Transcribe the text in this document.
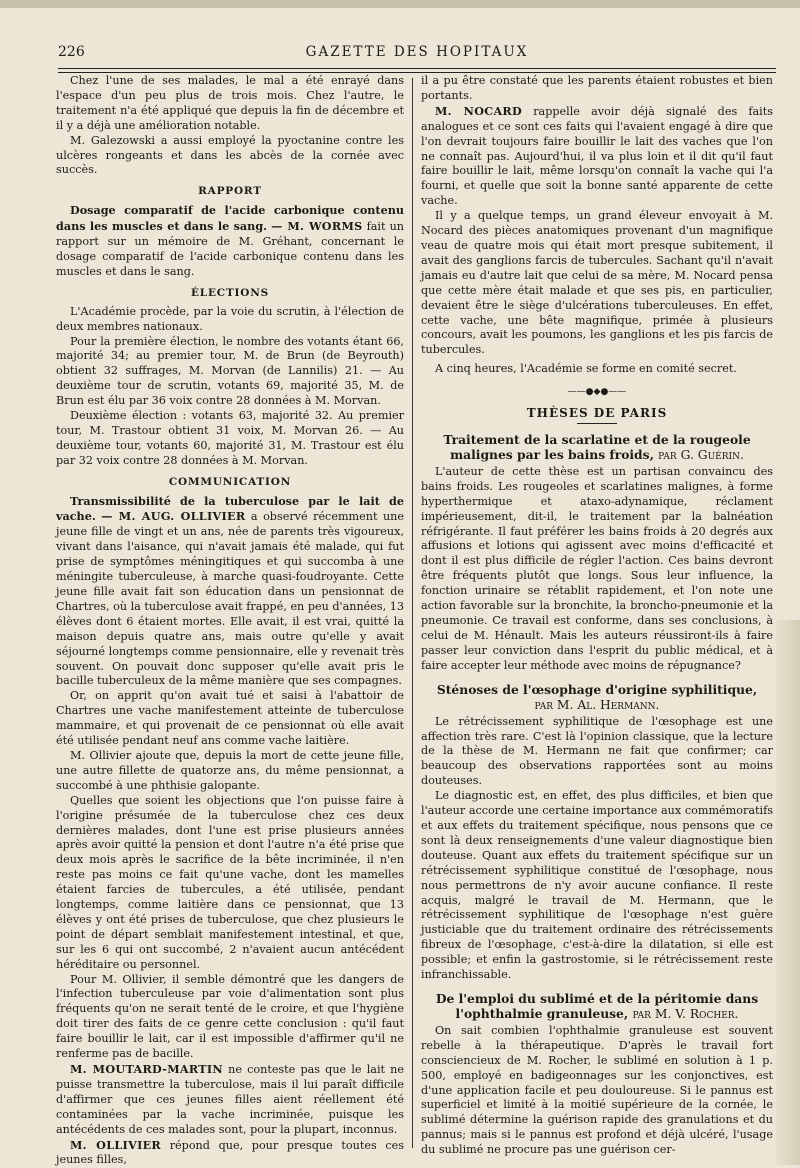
226	GAZETTE DES HOPITAUX

Chez l'une de ses malades, le mal a été enrayé dans l'espace d'un peu plus de trois mois. Chez l'autre, le traitement n'a été appliqué que depuis la fin de décembre et il y a déjà une amélioration notable.

M. Galezowski a aussi employé la pyoctanine contre les ulcères rongeants et dans les abcès de la cornée avec succès.

RAPPORT

Dosage comparatif de l'acide carbonique contenu dans les muscles et dans le sang. — M. WORMS fait un rapport sur un mémoire de M. Gréhant, concernant le dosage comparatif de l'acide carbonique contenu dans les muscles et dans le sang.

ÉLECTIONS

L'Académie procède, par la voie du scrutin, à l'élection de deux membres nationaux.

Pour la première élection, le nombre des votants étant 66, majorité 34; au premier tour, M. de Brun (de Beyrouth) obtient 32 suffrages, M. Morvan (de Lannilis) 21. — Au deuxième tour de scrutin, votants 69, majorité 35, M. de Brun est élu par 36 voix contre 28 données à M. Morvan.

Deuxième élection : votants 63, majorité 32. Au premier tour, M. Trastour obtient 31 voix, M. Morvan 26. — Au deuxième tour, votants 60, majorité 31, M. Trastour est élu par 32 voix contre 28 données à M. Morvan.

COMMUNICATION

Transmissibilité de la tuberculose par le lait de vache. — M. AUG. OLLIVIER a observé récemment une jeune fille de vingt et un ans, née de parents très vigoureux, vivant dans l'aisance, qui n'avait jamais été malade, qui fut prise de symptômes méningitiques et qui succomba à une méningite tuberculeuse, à marche quasi-foudroyante. Cette jeune fille avait fait son éducation dans un pensionnat de Chartres, où la tuberculose avait frappé, en peu d'années, 13 élèves dont 6 étaient mortes. Elle avait, il est vrai, quitté la maison depuis quatre ans, mais outre qu'elle y avait séjourné longtemps comme pensionnaire, elle y revenait très souvent. On pouvait donc supposer qu'elle avait pris le bacille tuberculeux de la même manière que ses compagnes.

Or, on apprit qu'on avait tué et saisi à l'abattoir de Chartres une vache manifestement atteinte de tuberculose mammaire, et qui provenait de ce pensionnat où elle avait été utilisée pendant neuf ans comme vache laitière.

M. Ollivier ajoute que, depuis la mort de cette jeune fille, une autre fillette de quatorze ans, du même pensionnat, a succombé à une phthisie galopante.

Quelles que soient les objections que l'on puisse faire à l'origine présumée de la tuberculose chez ces deux dernières malades, dont l'une est prise plusieurs années après avoir quitté la pension et dont l'autre n'a été prise que deux mois après le sacrifice de la bête incriminée, il n'en reste pas moins ce fait qu'une vache, dont les mamelles étaient farcies de tubercules, a été utilisée, pendant longtemps, comme laitière dans ce pensionnat, que 13 élèves y ont été prises de tuberculose, que chez plusieurs le point de départ semblait manifestement intestinal, et que, sur les 6 qui ont succombé, 2 n'avaient aucun antécédent héréditaire ou personnel.

Pour M. Ollivier, il semble démontré que les dangers de l'infection tuberculeuse par voie d'alimentation sont plus fréquents qu'on ne serait tenté de le croire, et que l'hygiène doit tirer des faits de ce genre cette conclusion : qu'il faut faire bouillir le lait, car il est impossible d'affirmer qu'il ne renferme pas de bacille.

M. MOUTARD-MARTIN ne conteste pas que le lait ne puisse transmettre la tuberculose, mais il lui paraît difficile d'affirmer que ces jeunes filles aient réellement été contaminées par la vache incriminée, puisque les antécédents de ces malades sont, pour la plupart, inconnus.

M. OLLIVIER répond que, pour presque toutes ces jeunes filles,

il a pu être constaté que les parents étaient robustes et bien portants.

M. NOCARD rappelle avoir déjà signalé des faits analogues et ce sont ces faits qui l'avaient engagé à dire que l'on devrait toujours faire bouillir le lait des vaches que l'on ne connaît pas. Aujourd'hui, il va plus loin et il dit qu'il faut faire bouillir le lait, même lorsqu'on connaît la vache qui l'a fourni, et quelle que soit la bonne santé apparente de cette vache.

Il y a quelque temps, un grand éleveur envoyait à M. Nocard des pièces anatomiques provenant d'un magnifique veau de quatre mois qui était mort presque subitement, il avait des ganglions farcis de tubercules. Sachant qu'il n'avait jamais eu d'autre lait que celui de sa mère, M. Nocard pensa que cette mère était malade et que ses pis, en particulier, devaient être le siège d'ulcérations tuberculeuses. En effet, cette vache, une bête magnifique, primée à plusieurs concours, avait les poumons, les ganglions et les pis farcis de tubercules.

A cinq heures, l'Académie se forme en comité secret.

——●◆●——
THÈSES DE PARIS
Traitement de la scarlatine et de la rougeole malignes par les bains froids, par G. Guérin.

L'auteur de cette thèse est un partisan convaincu des bains froids. Les rougeoles et scarlatines malignes, à forme hyperthermique et ataxo-adynamique, réclament impérieusement, dit-il, le traitement par la balnéation réfrigérante. Il faut préférer les bains froids à 20 degrés aux affusions et lotions qui agissent avec moins d'efficacité et dont il est plus difficile de régler l'action. Ces bains devront être fréquents plutôt que longs. Sous leur influence, la fonction urinaire se rétablit rapidement, et l'on note une action favorable sur la bronchite, la broncho-pneumonie et la pneumonie. Ce travail est conforme, dans ses conclusions, à celui de M. Hénault. Mais les auteurs réussiront-ils à faire passer leur conviction dans l'esprit du public médical, et à faire accepter leur méthode avec moins de répugnance?

Sténoses de l'œsophage d'origine syphilitique,
par M. Al. Hermann.

Le rétrécissement syphilitique de l'œsophage est une affection très rare. C'est là l'opinion classique, que la lecture de la thèse de M. Hermann ne fait que confirmer; car beaucoup des observations rapportées sont au moins douteuses.

Le diagnostic est, en effet, des plus difficiles, et bien que l'auteur accorde une certaine importance aux commémoratifs et aux effets du traitement spécifique, nous pensons que ce sont là deux renseignements d'une valeur diagnostique bien douteuse. Quant aux effets du traitement spécifique sur un rétrécissement syphilitique constitué de l'œsophage, nous nous permettrons de n'y avoir aucune confiance. Il reste acquis, malgré le travail de M. Hermann, que le rétrécissement syphilitique de l'œsophage n'est guère justiciable que du traitement ordinaire des rétrécissements fibreux de l'œsophage, c'est-à-dire la dilatation, si elle est possible; et enfin la gastrostomie, si le rétrécissement reste infranchissable.

De l'emploi du sublimé et de la péritomie dans l'ophthalmie granuleuse, par M. V. Rocher.

On sait combien l'ophthalmie granuleuse est souvent rebelle à la thérapeutique. D'après le travail fort consciencieux de M. Rocher, le sublimé en solution à 1 p. 500, employé en badigeonnages sur les conjonctives, est d'une application facile et peu douloureuse. Si le pannus est superficiel et limité à la moitié supérieure de la cornée, le sublimé détermine la guérison rapide des granulations et du pannus; mais si le pannus est profond et déjà ulcéré, l'usage du sublimé ne procure pas une guérison cer-
